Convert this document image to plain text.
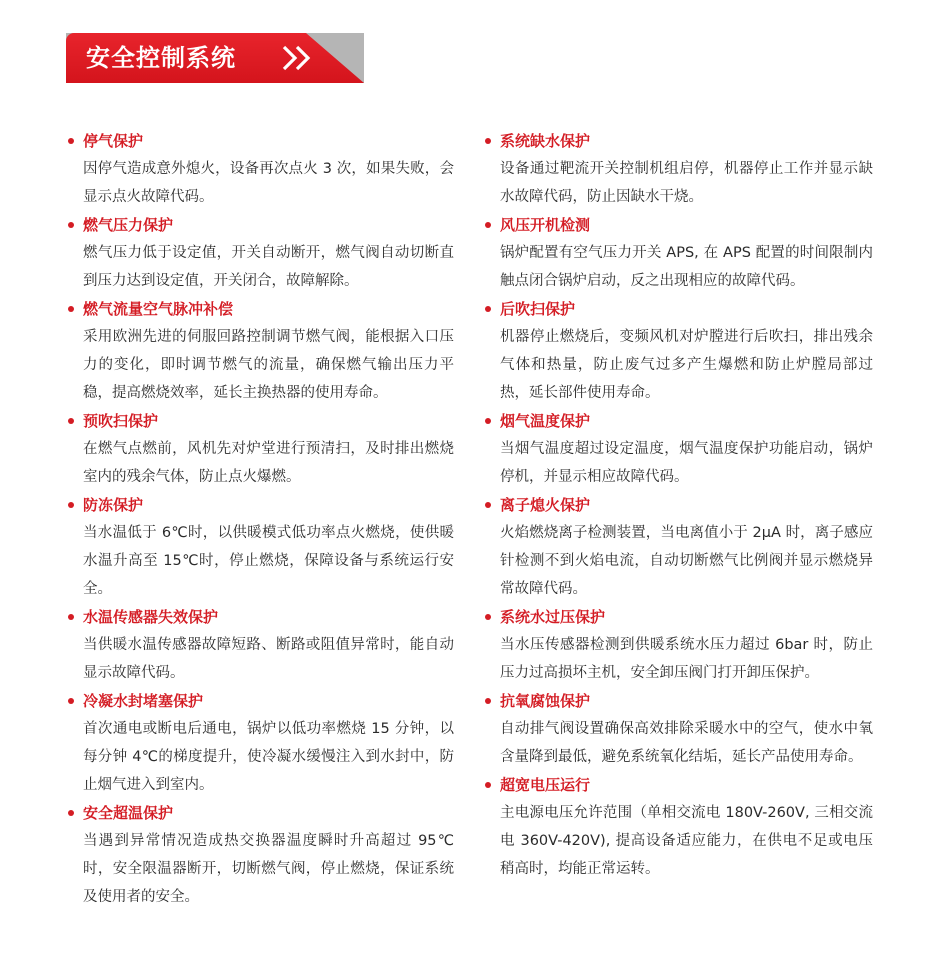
安全控制系统
停气保护
因停气造成意外熄火，设备再次点火 3 次，如果失败，会显示点火故障代码。
燃气压力保护
燃气压力低于设定值，开关自动断开，燃气阀自动切断直到压力达到设定值，开关闭合，故障解除。
燃气流量空气脉冲补偿
采用欧洲先进的伺服回路控制调节燃气阀，能根据入口压力的变化，即时调节燃气的流量，确保燃气输出压力平稳，提高燃烧效率，延长主换热器的使用寿命。
预吹扫保护
在燃气点燃前，风机先对炉堂进行预清扫，及时排出燃烧室内的残余气体，防止点火爆燃。
防冻保护
当水温低于 6℃时，以供暖模式低功率点火燃烧，使供暖水温升高至 15℃时，停止燃烧，保障设备与系统运行安全。
水温传感器失效保护
当供暖水温传感器故障短路、断路或阻值异常时，能自动显示故障代码。
冷凝水封堵塞保护
首次通电或断电后通电，锅炉以低功率燃烧 15 分钟，以每分钟 4℃的梯度提升，使冷凝水缓慢注入到水封中，防止烟气进入到室内。
安全超温保护
当遇到异常情况造成热交换器温度瞬时升高超过 95℃时，安全限温器断开，切断燃气阀，停止燃烧，保证系统及使用者的安全。
系统缺水保护
设备通过靶流开关控制机组启停，机器停止工作并显示缺水故障代码，防止因缺水干烧。
风压开机检测
锅炉配置有空气压力开关 APS, 在 APS 配置的时间限制内触点闭合锅炉启动，反之出现相应的故障代码。
后吹扫保护
机器停止燃烧后，变频风机对炉膛进行后吹扫，排出残余气体和热量，防止废气过多产生爆燃和防止炉膛局部过热，延长部件使用寿命。
烟气温度保护
当烟气温度超过设定温度，烟气温度保护功能启动，锅炉停机，并显示相应故障代码。
离子熄火保护
火焰燃烧离子检测装置，当电离值小于 2μA 时，离子感应针检测不到火焰电流，自动切断燃气比例阀并显示燃烧异常故障代码。
系统水过压保护
当水压传感器检测到供暖系统水压力超过 6bar 时，防止压力过高损坏主机，安全卸压阀门打开卸压保护。
抗氧腐蚀保护
自动排气阀设置确保高效排除采暖水中的空气，使水中氧含量降到最低，避免系统氧化结垢，延长产品使用寿命。
超宽电压运行
主电源电压允许范围（单相交流电 180V-260V, 三相交流电 360V-420V), 提高设备适应能力，在供电不足或电压稍高时，均能正常运转。
